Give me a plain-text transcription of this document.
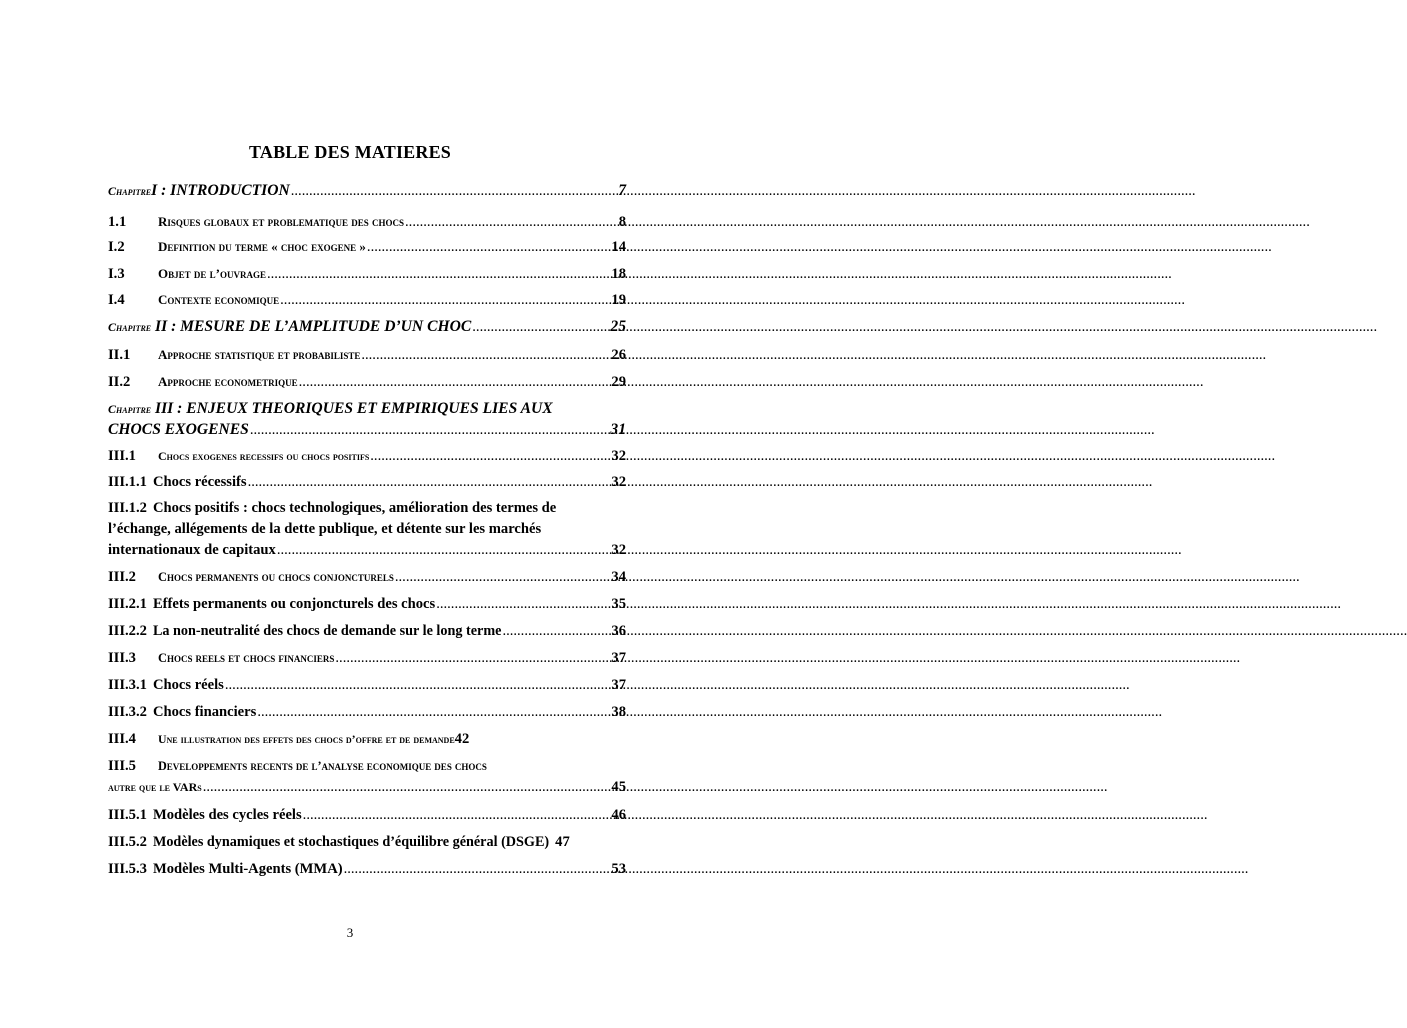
TABLE DES MATIERES
ChapitreI : INTRODUCTION .....	7
1.1	Risques globaux et problematique des chocs .....	8
I.2	Definition du terme « choc exogene » .....	14
I.3	Objet de l’ouvrage .....	18
I.4	Contexte economique .....	19
Chapitre II : MESURE DE L’AMPLITUDE D’UN CHOC .....	25
II.1	Approche statistique et probabiliste .....	26
II.2	Approche econometrique .....	29
Chapitre III : ENJEUX THEORIQUES ET EMPIRIQUES LIES AUX
CHOCS EXOGENES .....	31
III.1	Chocs exogenes recessifs ou chocs positifs .....	32
III.1.1 Chocs récessifs .....	32
III.1.2 Chocs positifs : chocs technologiques, amélioration des termes de
l’échange, allégements de la dette publique, et détente sur les marchés
internationaux de capitaux .....	32
III.2	Chocs permanents ou chocs conjoncturels .....	34
III.2.1 Effets permanents ou conjoncturels des chocs .....	35
III.2.2 La non-neutralité des chocs de demande sur le long terme .....	36
III.3	Chocs reels et chocs financiers .....	37
III.3.1 Chocs réels .....	37
III.3.2 Chocs financiers .....	38
III.4	Une illustration des effets des chocs d’offre et de demande 42
III.5 Developpements recents de l’analyse economique des chocs
autre que le VARs .....	45
III.5.1 Modèles des cycles réels .....	46
III.5.2 Modèles dynamiques et stochastiques d’équilibre général (DSGE) 47
III.5.3 Modèles Multi-Agents (MMA) .....	53
3
